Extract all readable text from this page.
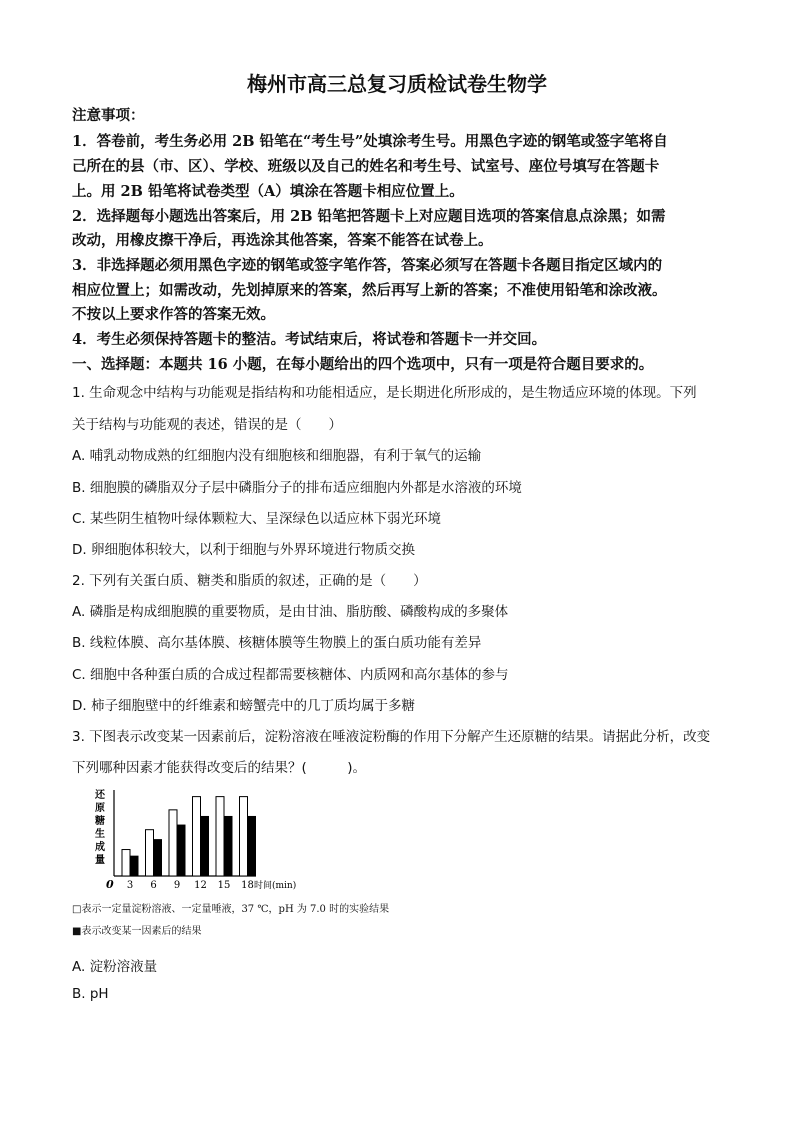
梅州市高三总复习质检试卷生物学
注意事项：
1．答卷前，考生务必用 2B 铅笔在“考生号”处填涂考生号。用黑色字迹的钢笔或签字笔将自
己所在的县（市、区）、学校、班级以及自己的姓名和考生号、试室号、座位号填写在答题卡
上。用 2B 铅笔将试卷类型（A）填涂在答题卡相应位置上。
2．选择题每小题选出答案后，用 2B 铅笔把答题卡上对应题目选项的答案信息点涂黑；如需
改动，用橡皮擦干净后，再选涂其他答案，答案不能答在试卷上。
3．非选择题必须用黑色字迹的钢笔或签字笔作答，答案必须写在答题卡各题目指定区域内的
相应位置上；如需改动，先划掉原来的答案，然后再写上新的答案；不准使用铅笔和涂改液。
不按以上要求作答的答案无效。
4．考生必须保持答题卡的整洁。考试结束后，将试卷和答题卡一并交回。
一、选择题：本题共 16 小题，在每小题给出的四个选项中，只有一项是符合题目要求的。
1. 生命观念中结构与功能观是指结构和功能相适应，是长期进化所形成的，是生物适应环境的体现。下列
关于结构与功能观的表述，错误的是（　　）
A. 哺乳动物成熟的红细胞内没有细胞核和细胞器，有利于氧气的运输
B. 细胞膜的磷脂双分子层中磷脂分子的排布适应细胞内外都是水溶液的环境
C. 某些阴生植物叶绿体颗粒大、呈深绿色以适应林下弱光环境
D. 卵细胞体积较大，以利于细胞与外界环境进行物质交换
2. 下列有关蛋白质、糖类和脂质的叙述，正确的是（　　）
A. 磷脂是构成细胞膜的重要物质，是由甘油、脂肪酸、磷酸构成的多聚体
B. 线粒体膜、高尔基体膜、核糖体膜等生物膜上的蛋白质功能有差异
C. 细胞中各种蛋白质的合成过程都需要核糖体、内质网和高尔基体的参与
D. 柿子细胞壁中的纤维素和螃蟹壳中的几丁质均属于多糖
3. 下图表示改变某一因素前后，淀粉溶液在唾液淀粉酶的作用下分解产生还原糖的结果。请据此分析，改变
下列哪种因素才能获得改变后的结果？(　　　)。
还
原
糖
生
成
量
0 3 6 9 12 15 18 时间(min)
□表示一定量淀粉溶液、一定量唾液，37 ℃，pH 为 7.0 时的实验结果
■表示改变某一因素后的结果
A. 淀粉溶液量
B. pH
